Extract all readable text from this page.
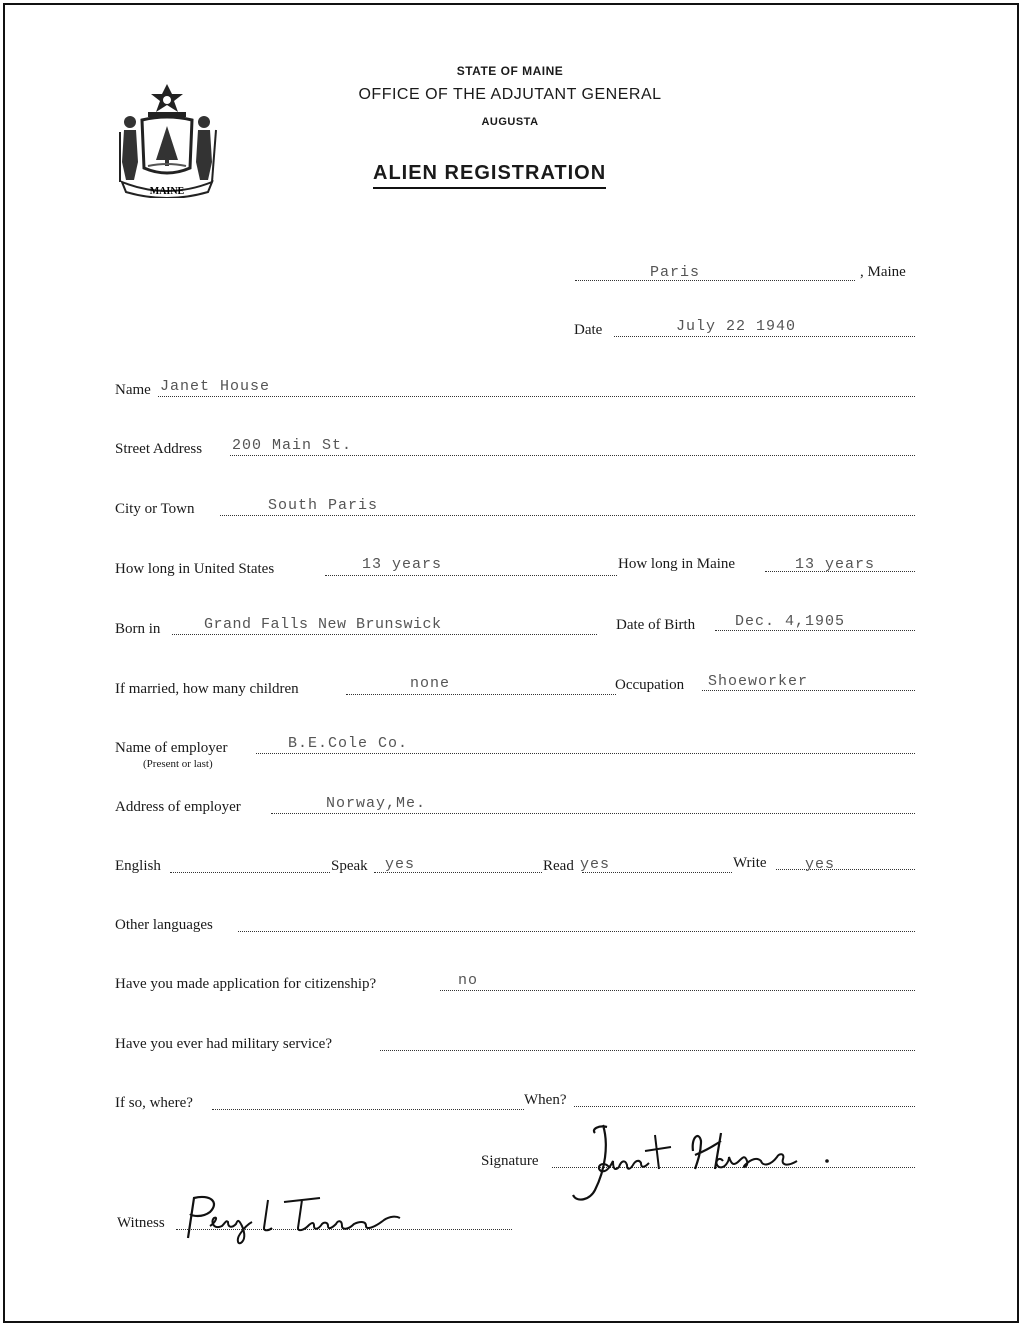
MAINE
STATE OF MAINE
OFFICE OF THE ADJUTANT GENERAL
AUGUSTA
ALIEN REGISTRATION
Paris	, Maine
Date	July 22 1940
Name Janet House
Street Address 200 Main St.
City or Town	South Paris
How long in United States	13 years	How long in Maine	13 years
Born in	Grand Falls New Brunswick	Date of Birth	Dec. 4,1905
If married, how many children	none	Occupation Shoeworker
Name of employer
(Present or last)
B.E.Cole Co.
Address of employer	Norway,Me.
English	Speak yes	Read yes	Write	yes
Other languages
Have you made application for citizenship?	no
Have you ever had military service?
If so, where?	When?
Signature
Witness
